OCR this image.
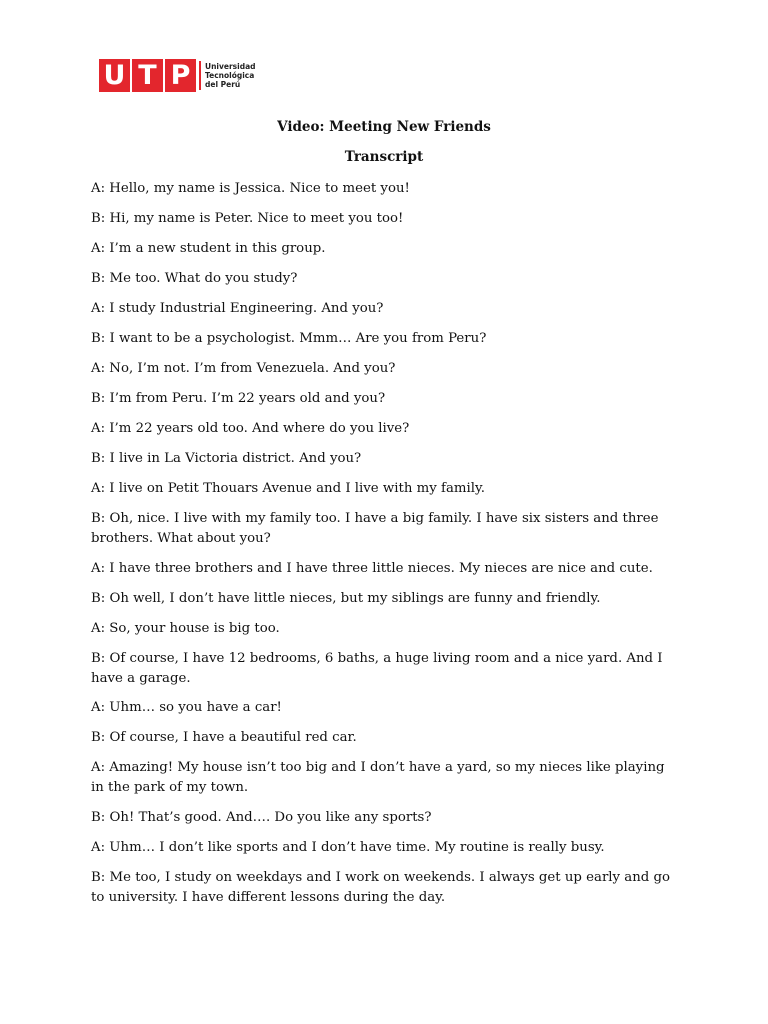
U T P	Universidad
Tecnológica
del Perú
Video: Meeting New Friends
Transcript

A: Hello, my name is Jessica. Nice to meet you!

B: Hi, my name is Peter. Nice to meet you too!

A: I’m a new student in this group.

B: Me too. What do you study?

A: I study Industrial Engineering. And you?

B: I want to be a psychologist. Mmm… Are you from Peru?

A: No, I’m not. I’m from Venezuela. And you?

B: I’m from Peru. I’m 22 years old and you?

A: I’m 22 years old too. And where do you live?

B: I live in La Victoria district. And you?

A: I live on Petit Thouars Avenue and I live with my family.

B: Oh, nice. I live with my family too. I have a big family. I have six sisters and three brothers. What about you?

A: I have three brothers and I have three little nieces. My nieces are nice and cute.

B: Oh well, I don’t have little nieces, but my siblings are funny and friendly.

A: So, your house is big too.

B: Of course, I have 12 bedrooms, 6 baths, a huge living room and a nice yard. And I have a garage.

A: Uhm… so you have a car!

B: Of course, I have a beautiful red car.

A: Amazing! My house isn’t too big and I don’t have a yard, so my nieces like playing in the park of my town.

B: Oh! That’s good. And…. Do you like any sports?

A: Uhm… I don’t like sports and I don’t have time. My routine is really busy.

B: Me too, I study on weekdays and I work on weekends. I always get up early and go to university. I have different lessons during the day.
